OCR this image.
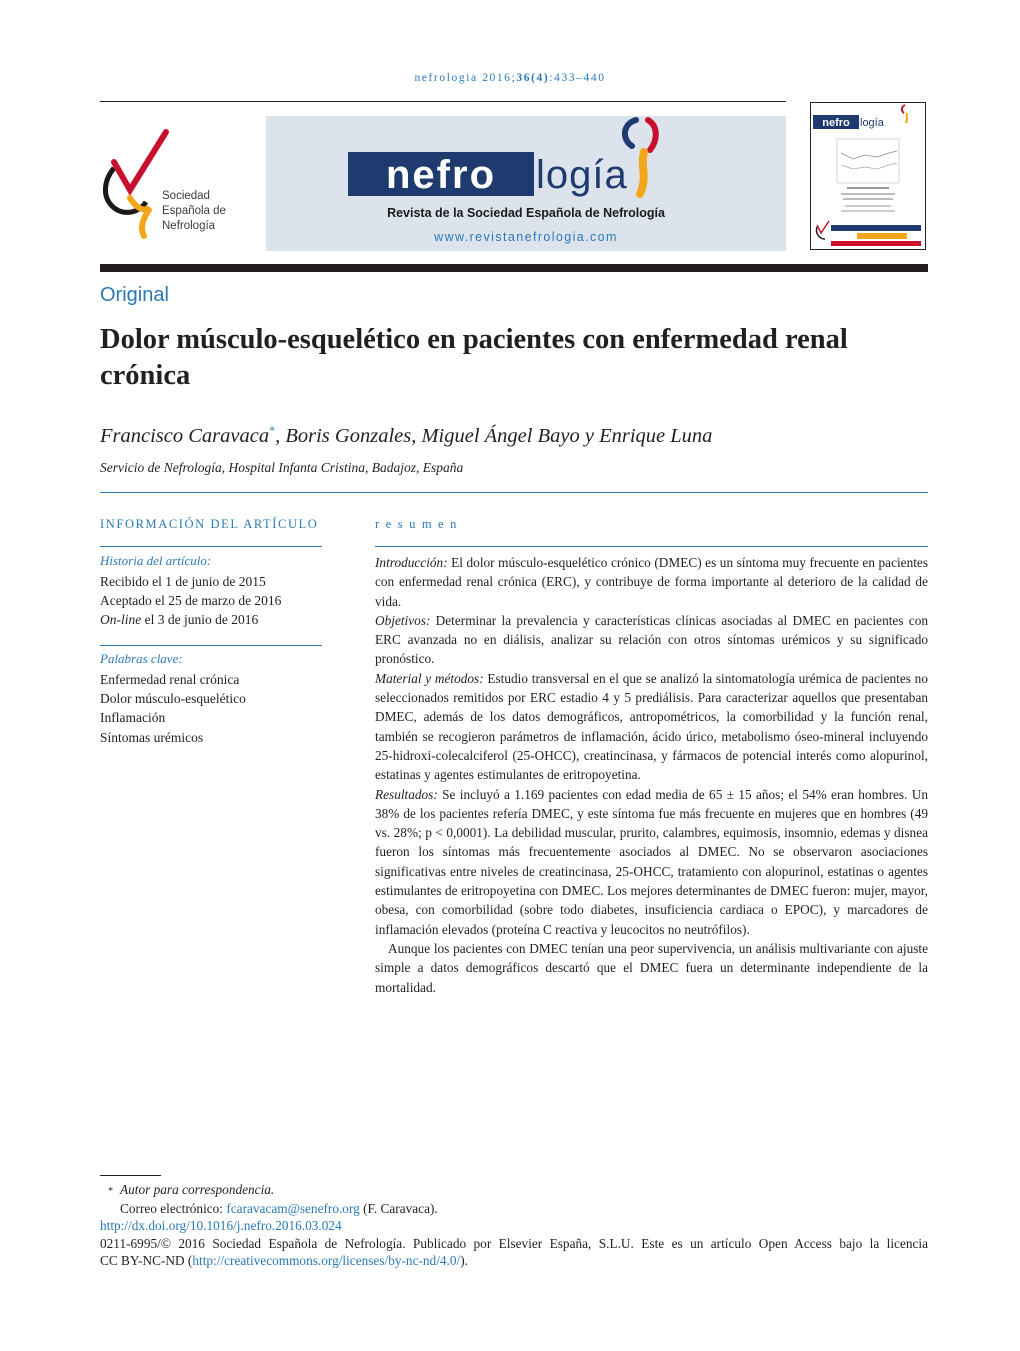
nefrologia 2016;36(4):433–440
Sociedad
Española de
Nefrología
nefro logía
Revista de la Sociedad Española de Nefrología
www.revistanefrologia.com
nefro logía
Original
Dolor músculo-esquelético en pacientes con enfermedad renal crónica
Francisco Caravaca*, Boris Gonzales, Miguel Ángel Bayo y Enrique Luna
Servicio de Nefrología, Hospital Infanta Cristina, Badajoz, España
INFORMACIÓN DEL ARTÍCULO
Historia del artículo:
Recibido el 1 de junio de 2015
Aceptado el 25 de marzo de 2016
On-line el 3 de junio de 2016
Palabras clave:
Enfermedad renal crónica
Dolor músculo-esquelético
Inflamación
Síntomas urémicos
resumen

Introducción: El dolor músculo-esquelético crónico (DMEC) es un síntoma muy frecuente en pacientes con enfermedad renal crónica (ERC), y contribuye de forma importante al deterioro de la calidad de vida.

Objetivos: Determinar la prevalencia y características clínicas asociadas al DMEC en pacientes con ERC avanzada no en diálisis, analizar su relación con otros síntomas urémicos y su significado pronóstico.

Material y métodos: Estudio transversal en el que se analizó la sintomatología urémica de pacientes no seleccionados remitidos por ERC estadio 4 y 5 prediálisis. Para caracterizar aquellos que presentaban DMEC, además de los datos demográficos, antropométricos, la comorbilidad y la función renal, también se recogieron parámetros de inflamación, ácido úrico, metabolismo óseo-mineral incluyendo 25-hidroxi-colecalciferol (25-OHCC), creatincinasa, y fármacos de potencial interés como alopurinol, estatinas y agentes estimulantes de eritropoyetina.

Resultados: Se incluyó a 1.169 pacientes con edad media de 65 ± 15 años; el 54% eran hombres. Un 38% de los pacientes refería DMEC, y este síntoma fue más frecuente en mujeres que en hombres (49 vs. 28%; p < 0,0001). La debilidad muscular, prurito, calambres, equimosis, insomnio, edemas y disnea fueron los síntomas más frecuentemente asociados al DMEC. No se observaron asociaciones significativas entre niveles de creatincinasa, 25-OHCC, tratamiento con alopurinol, estatinas o agentes estimulantes de eritropoyetina con DMEC. Los mejores determinantes de DMEC fueron: mujer, mayor, obesa, con comorbilidad (sobre todo diabetes, insuficiencia cardiaca o EPOC), y marcadores de inflamación elevados (proteína C reactiva y leucocitos no neutrófilos).

Aunque los pacientes con DMEC tenían una peor supervivencia, un análisis multivariante con ajuste simple a datos demográficos descartó que el DMEC fuera un determinante independiente de la mortalidad.

* Autor para correspondencia.
Correo electrónico: fcaravacam@senefro.org (F. Caravaca).
http://dx.doi.org/10.1016/j.nefro.2016.03.024
0211-6995/© 2016 Sociedad Española de Nefrología. Publicado por Elsevier España, S.L.U. Este es un artículo Open Access bajo la licencia
CC BY-NC-ND (http://creativecommons.org/licenses/by-nc-nd/4.0/).
